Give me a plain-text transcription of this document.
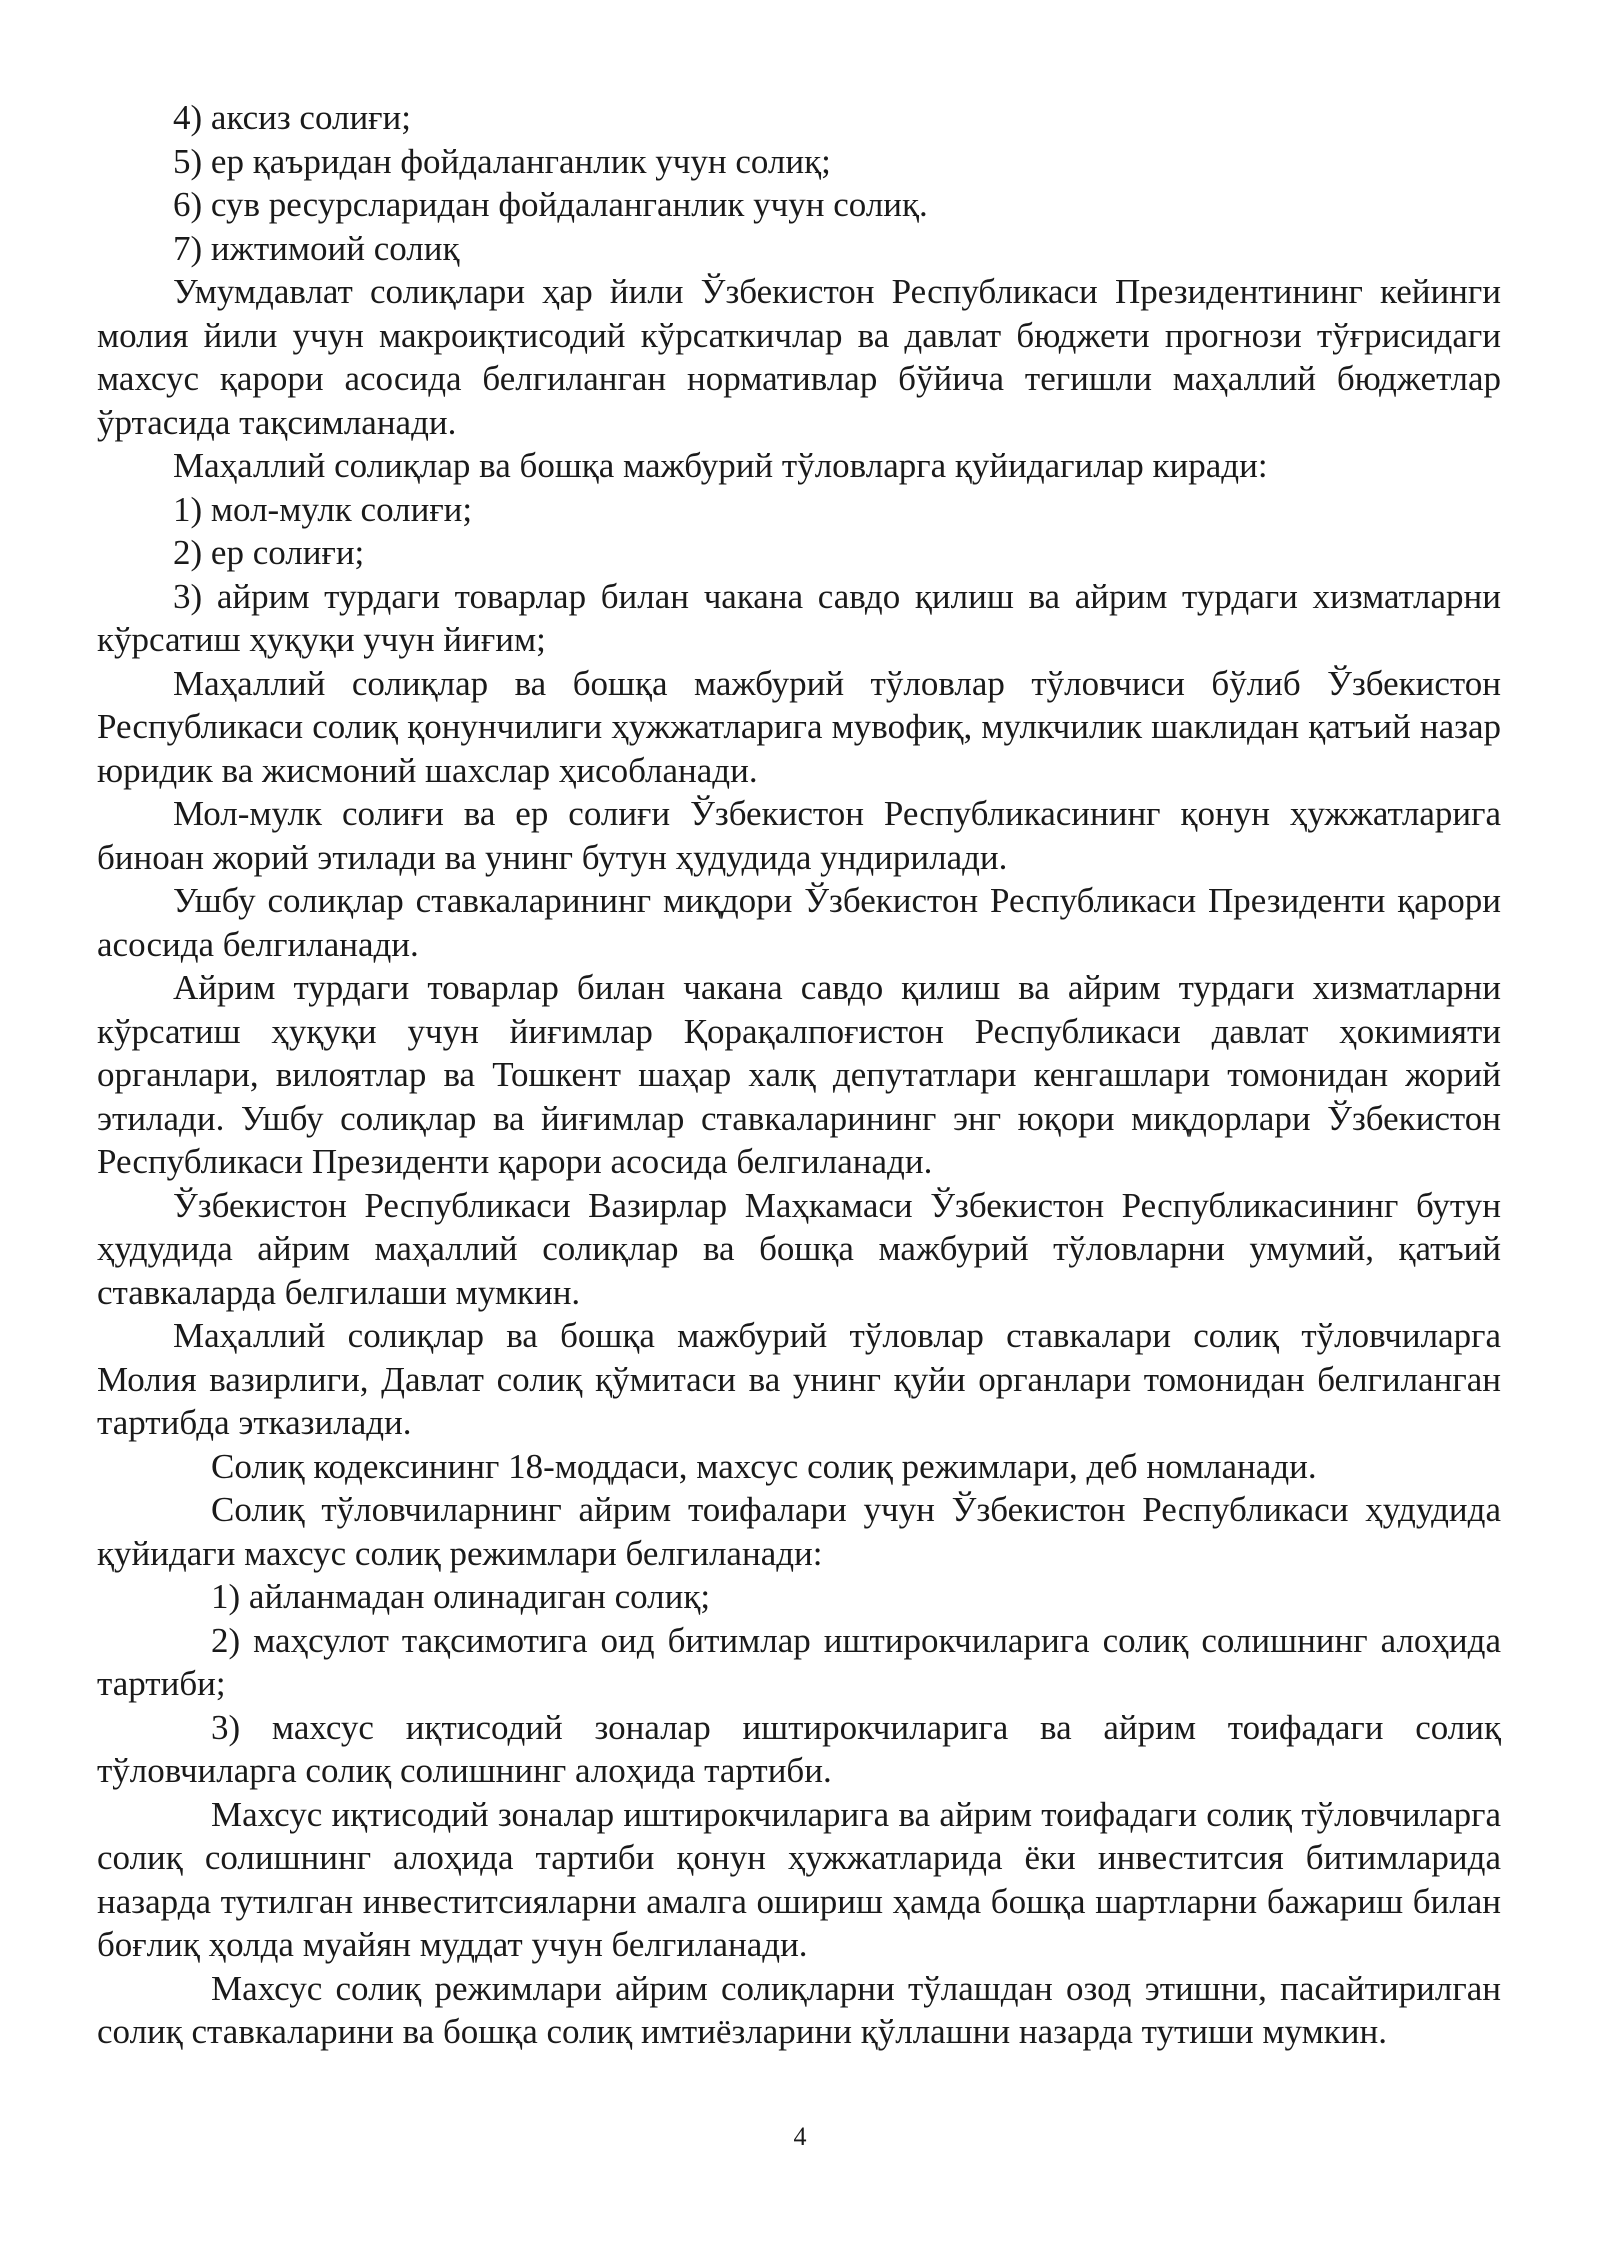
4) аксиз солиғи;

5) ер қаъридан фойдаланганлик учун солиқ;

6) сув ресурсларидан фойдаланганлик учун солиқ.

7) ижтимоий солиқ

Умумдавлат солиқлари ҳар йили Ўзбекистон Республикаси Президентининг кейинги молия йили учун макроиқтисодий кўрсаткичлар ва давлат бюджети прогнози тўғрисидаги махсус қарори асосида белгиланган нормативлар бўйича тегишли маҳаллий бюджетлар ўртасида тақсимланади.

Маҳаллий солиқлар ва бошқа мажбурий тўловларга қуйидагилар киради:

1) мол-мулк солиғи;

2) ер солиғи;

3) айрим турдаги товарлар билан чакана савдо қилиш ва айрим турдаги хизматларни кўрсатиш ҳуқуқи учун йиғим;

Маҳаллий солиқлар ва бошқа мажбурий тўловлар тўловчиси бўлиб Ўзбекистон Республикаси солиқ қонунчилиги ҳужжатларига мувофиқ, мулкчилик шаклидан қатъий назар юридик ва жисмоний шахслар ҳисобланади.

Мол-мулк солиғи ва ер солиғи Ўзбекистон Республикасининг қонун ҳужжатларига биноан жорий этилади ва унинг бутун ҳудудида ундирилади.

Ушбу солиқлар ставкаларининг миқдори Ўзбекистон Республикаси Президенти қарори асосида белгиланади.

Айрим турдаги товарлар билан чакана савдо қилиш ва айрим турдаги хизматларни кўрсатиш ҳуқуқи учун йиғимлар Қорақалпоғистон Республикаси давлат ҳокимияти органлари, вилоятлар ва Тошкент шаҳар халқ депутатлари кенгашлари томонидан жорий этилади. Ушбу солиқлар ва йиғимлар ставкаларининг энг юқори миқдорлари Ўзбекистон Республикаси Президенти қарори асосида белгиланади.

Ўзбекистон Республикаси Вазирлар Маҳкамаси Ўзбекистон Республикасининг бутун ҳудудида айрим маҳаллий солиқлар ва бошқа мажбурий тўловларни умумий, қатъий ставкаларда белгилаши мумкин.

Маҳаллий солиқлар ва бошқа мажбурий тўловлар ставкалари солиқ тўловчиларга Молия вазирлиги, Давлат солиқ қўмитаси ва унинг қуйи органлари томонидан белгиланган тартибда этказилади.

Солиқ кодексининг 18-моддаси, махсус солиқ режимлари, деб номланади.

Солиқ тўловчиларнинг айрим тоифалари учун Ўзбекистон Республикаси ҳудудида қуйидаги махсус солиқ режимлари белгиланади:

1) айланмадан олинадиган солиқ;

2) маҳсулот тақсимотига оид битимлар иштирокчиларига солиқ солишнинг алоҳида тартиби;

3) махсус иқтисодий зоналар иштирокчиларига ва айрим тоифадаги солиқ тўловчиларга солиқ солишнинг алоҳида тартиби.

Махсус иқтисодий зоналар иштирокчиларига ва айрим тоифадаги солиқ тўловчиларга солиқ солишнинг алоҳида тартиби қонун ҳужжатларида ёки инвеститсия битимларида назарда тутилган инвеститсияларни амалга ошириш ҳамда бошқа шартларни бажариш билан боғлиқ ҳолда муайян муддат учун белгиланади.

Махсус солиқ режимлари айрим солиқларни тўлашдан озод этишни, пасайтирилган солиқ ставкаларини ва бошқа солиқ имтиёзларини қўллашни назарда тутиши мумкин.

4
